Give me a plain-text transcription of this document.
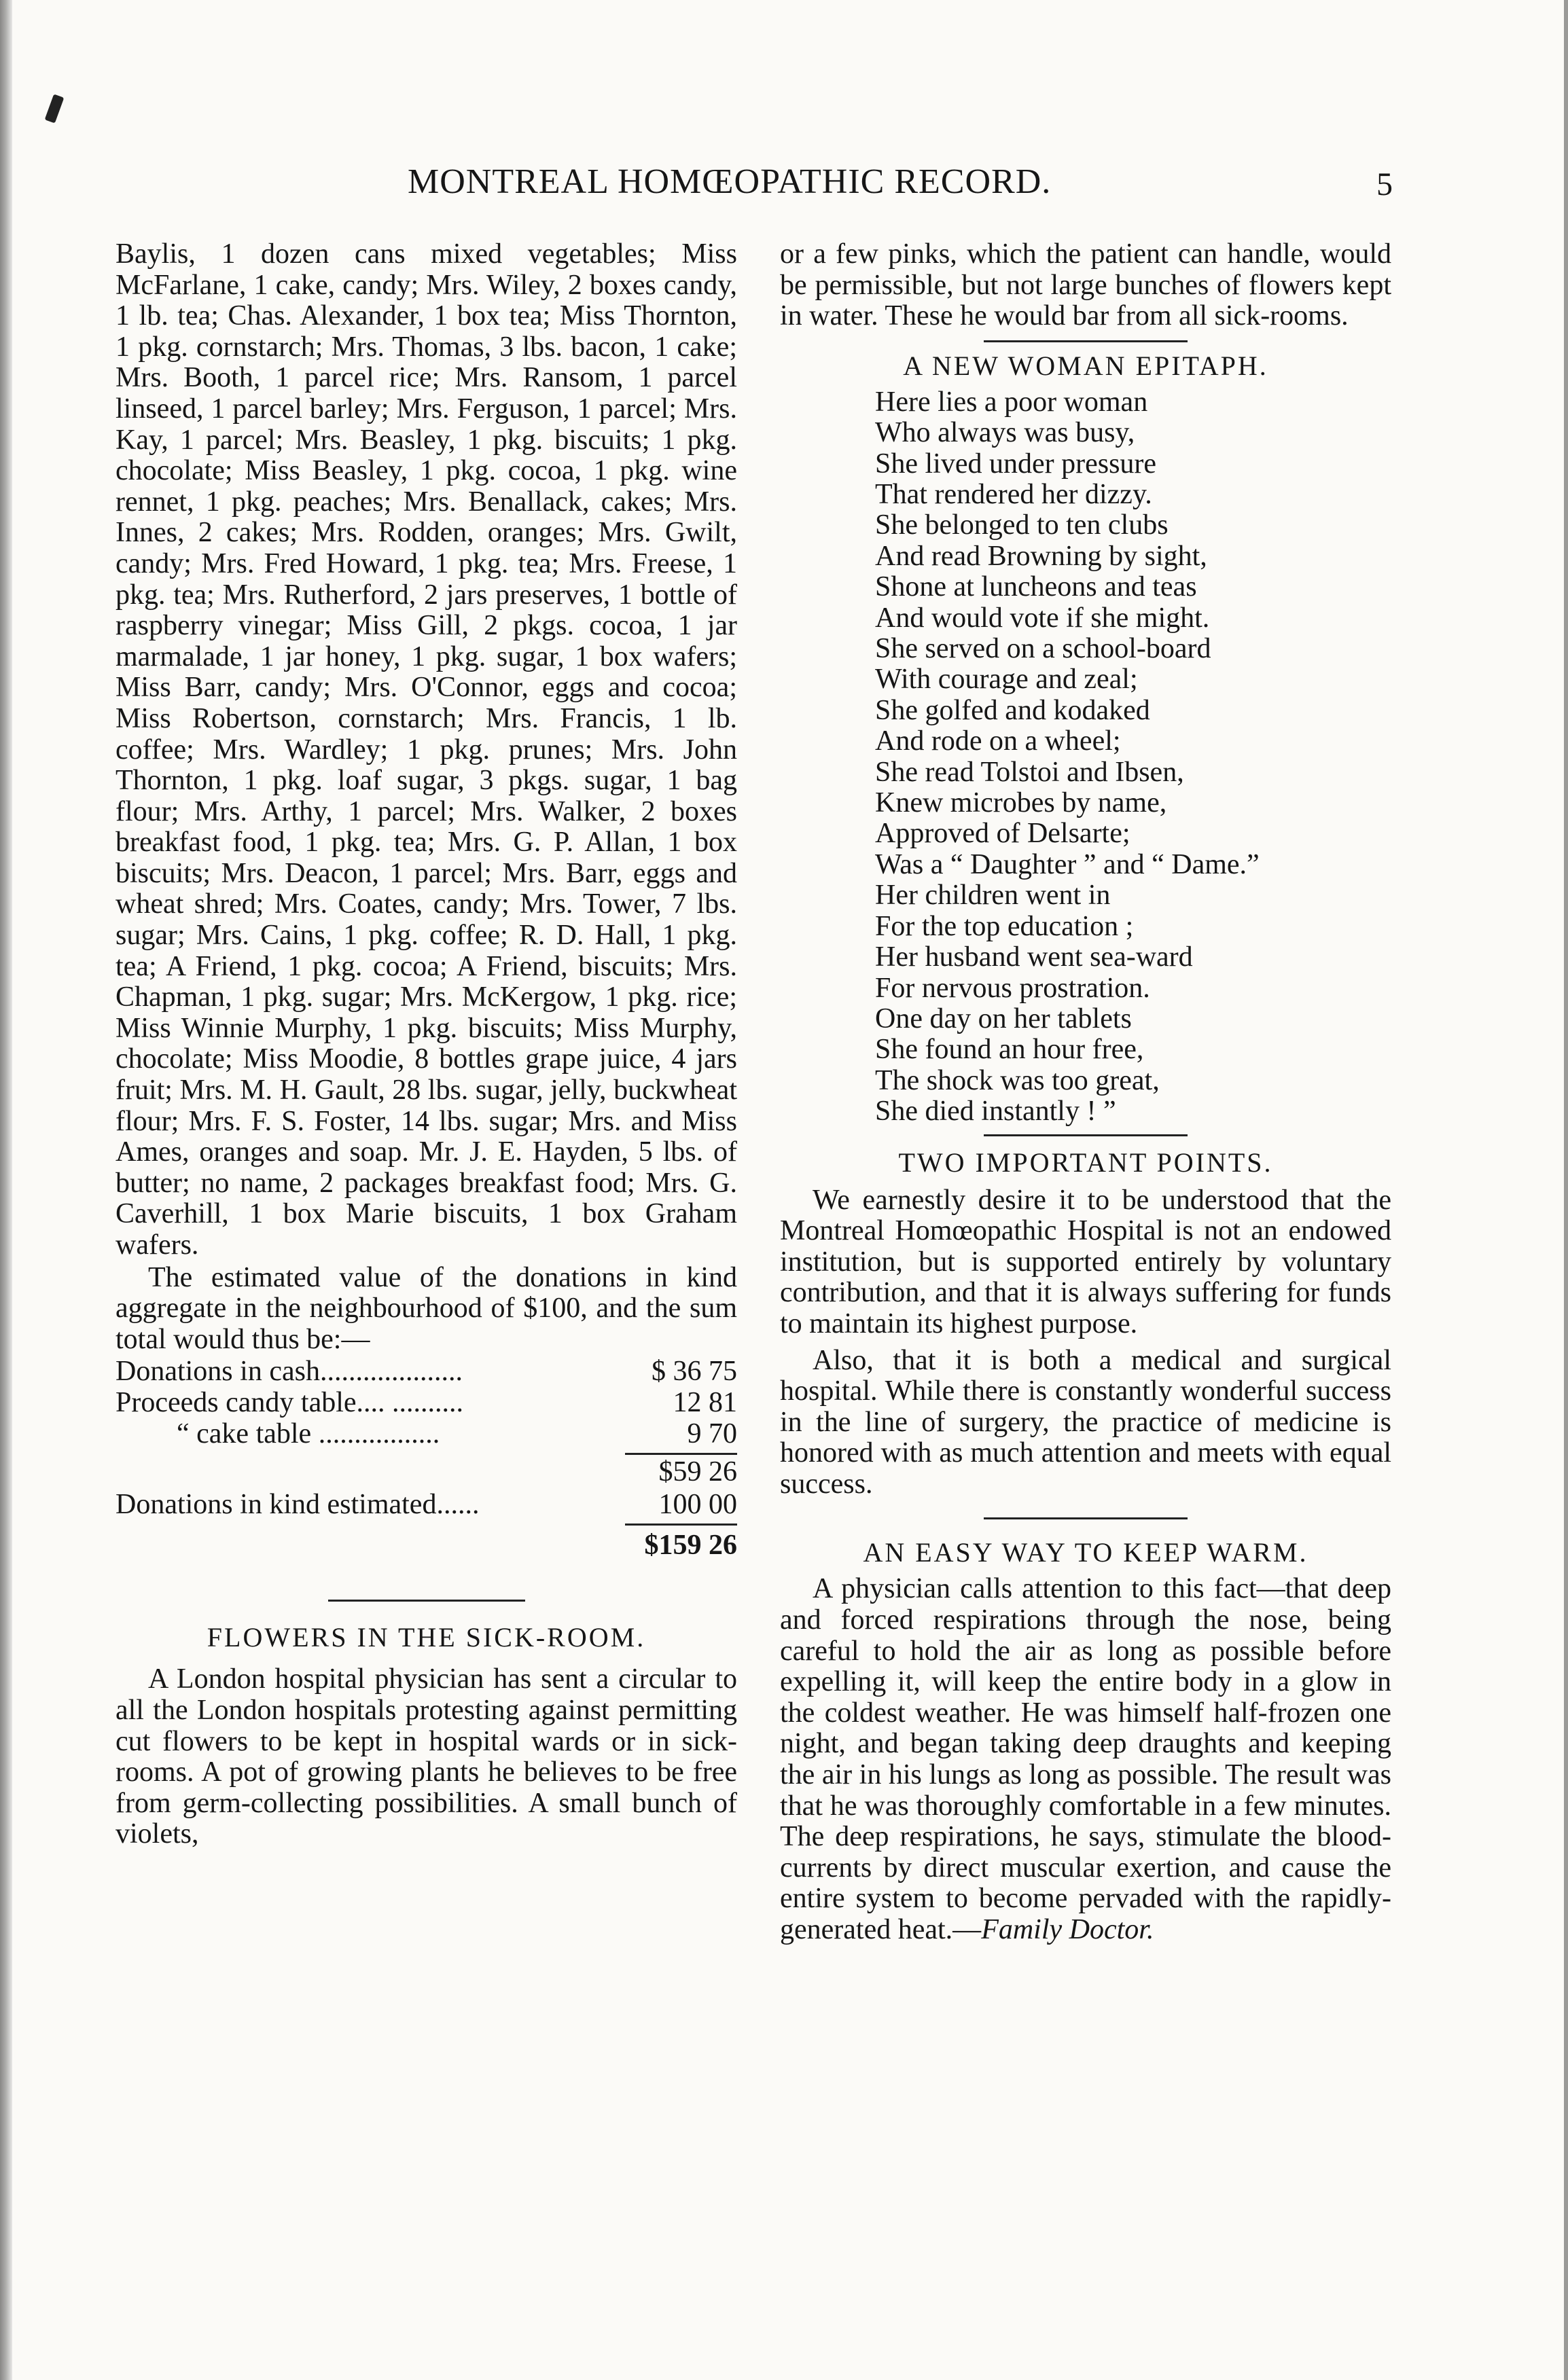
MONTREAL HOMŒOPATHIC RECORD.	5

Baylis, 1 dozen cans mixed vegetables; Miss McFarlane, 1 cake, candy; Mrs. Wiley, 2 boxes candy, 1 lb. tea; Chas. Alexander, 1 box tea; Miss Thornton, 1 pkg. cornstarch; Mrs. Thomas, 3 lbs. bacon, 1 cake; Mrs. Booth, 1 parcel rice; Mrs. Ransom, 1 parcel linseed, 1 parcel barley; Mrs. Ferguson, 1 parcel; Mrs. Kay, 1 parcel; Mrs. Beasley, 1 pkg. biscuits; 1 pkg. chocolate; Miss Beasley, 1 pkg. cocoa, 1 pkg. wine rennet, 1 pkg. peaches; Mrs. Benallack, cakes; Mrs. Innes, 2 cakes; Mrs. Rodden, oranges; Mrs. Gwilt, candy; Mrs. Fred Howard, 1 pkg. tea; Mrs. Freese, 1 pkg. tea; Mrs. Rutherford, 2 jars preserves, 1 bottle of raspberry vinegar; Miss Gill, 2 pkgs. cocoa, 1 jar marmalade, 1 jar honey, 1 pkg. sugar, 1 box wafers; Miss Barr, candy; Mrs. O'Connor, eggs and cocoa; Miss Robertson, cornstarch; Mrs. Francis, 1 lb. coffee; Mrs. Wardley; 1 pkg. prunes; Mrs. John Thornton, 1 pkg. loaf sugar, 3 pkgs. sugar, 1 bag flour; Mrs. Arthy, 1 parcel; Mrs. Walker, 2 boxes breakfast food, 1 pkg. tea; Mrs. G. P. Allan, 1 box biscuits; Mrs. Deacon, 1 parcel; Mrs. Barr, eggs and wheat shred; Mrs. Coates, candy; Mrs. Tower, 7 lbs. sugar; Mrs. Cains, 1 pkg. coffee; R. D. Hall, 1 pkg. tea; A Friend, 1 pkg. cocoa; A Friend, biscuits; Mrs. Chapman, 1 pkg. sugar; Mrs. McKergow, 1 pkg. rice; Miss Winnie Murphy, 1 pkg. biscuits; Miss Murphy, chocolate; Miss Moodie, 8 bottles grape juice, 4 jars fruit; Mrs. M. H. Gault, 28 lbs. sugar, jelly, buckwheat flour; Mrs. F. S. Foster, 14 lbs. sugar; Mrs. and Miss Ames, oranges and soap. Mr. J. E. Hayden, 5 lbs. of butter; no name, 2 packages breakfast food; Mrs. G. Caverhill, 1 box Marie biscuits, 1 box Graham wafers.

The estimated value of the donations in kind aggregate in the neighbourhood of $100, and the sum total would thus be:—

Donations in cash....................	$ 36 75
Proceeds candy table.... ..........	12 81
“ cake table .................	9 70
$59 26
Donations in kind estimated......	100 00
$159 26
FLOWERS IN THE SICK-ROOM.

A London hospital physician has sent a circular to all the London hospitals protesting against permitting cut flowers to be kept in hospital wards or in sick-rooms. A pot of growing plants he believes to be free from germ-collecting possibilities. A small bunch of violets,

or a few pinks, which the patient can handle, would be permissible, but not large bunches of flowers kept in water. These he would bar from all sick-rooms.

A NEW WOMAN EPITAPH.
Here lies a poor woman
Who always was busy,
She lived under pressure
That rendered her dizzy.
She belonged to ten clubs
And read Browning by sight,
Shone at luncheons and teas
And would vote if she might.
She served on a school-board
With courage and zeal;
She golfed and kodaked
And rode on a wheel;
She read Tolstoi and Ibsen,
Knew microbes by name,
Approved of Delsarte;
Was a “ Daughter ” and “ Dame.”
Her children went in
For the top education ;
Her husband went sea-ward
For nervous prostration.
One day on her tablets
She found an hour free,
The shock was too great,
She died instantly ! ”
TWO IMPORTANT POINTS.

We earnestly desire it to be understood that the Montreal Homœopathic Hospital is not an endowed institution, but is supported entirely by voluntary contribution, and that it is always suffering for funds to maintain its highest purpose.

Also, that it is both a medical and surgical hospital. While there is constantly wonderful success in the line of surgery, the practice of medicine is honored with as much attention and meets with equal success.

AN EASY WAY TO KEEP WARM.

A physician calls attention to this fact—that deep and forced respirations through the nose, being careful to hold the air as long as possible before expelling it, will keep the entire body in a glow in the coldest weather. He was himself half-frozen one night, and began taking deep draughts and keeping the air in his lungs as long as possible. The result was that he was thoroughly comfortable in a few minutes. The deep respirations, he says, stimulate the blood-currents by direct muscular exertion, and cause the entire system to become pervaded with the rapidly-generated heat.—Family Doctor.
